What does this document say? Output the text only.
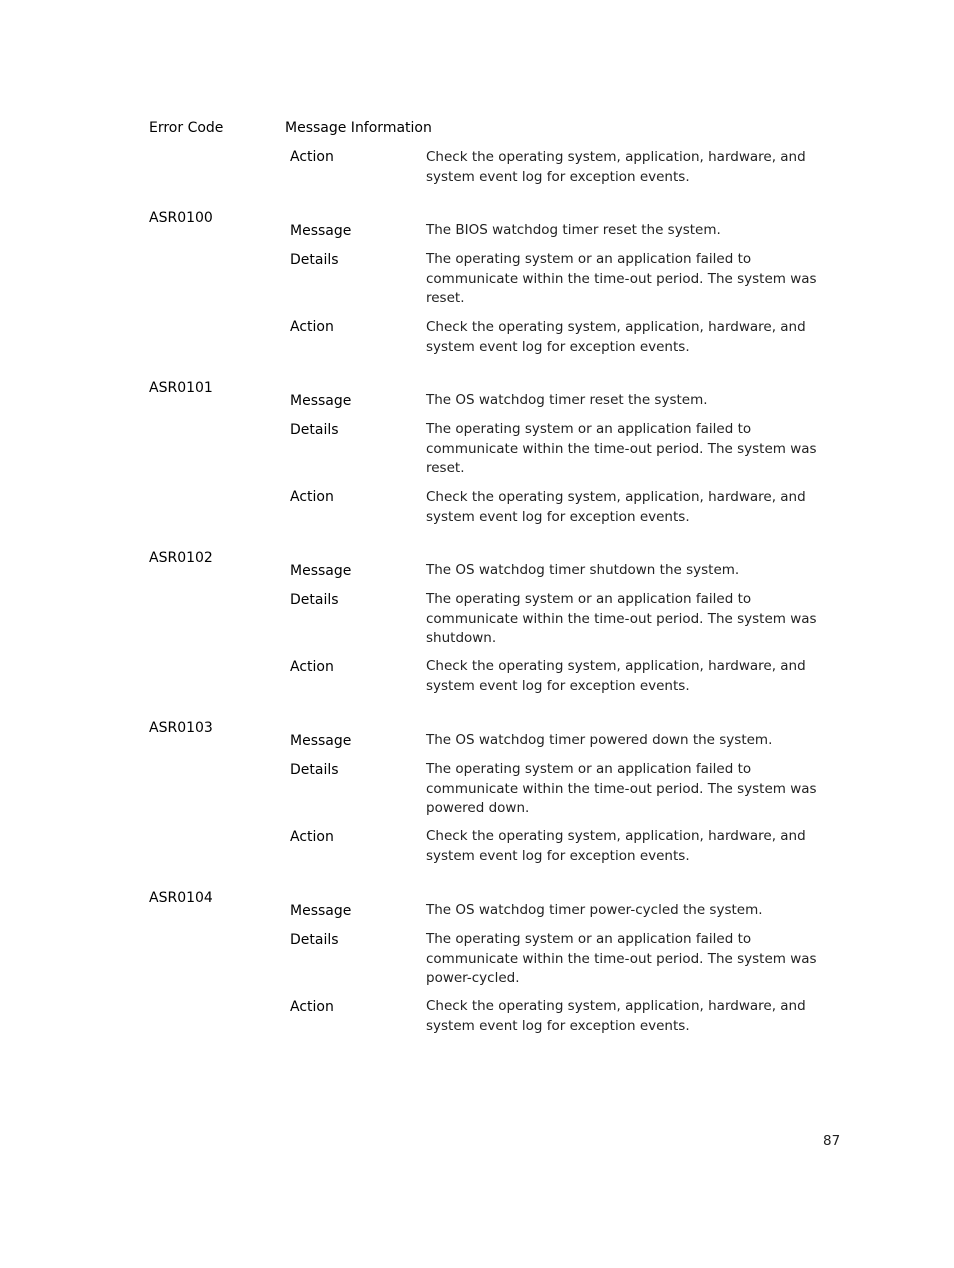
Error Code	Message Information
Action	Check the operating system, application, hardware, and system event log for exception events.
ASR0100
Message	The BIOS watchdog timer reset the system.
Details	The operating system or an application failed to communicate within the time-out period. The system was reset.
Action	Check the operating system, application, hardware, and system event log for exception events.
ASR0101
Message	The OS watchdog timer reset the system.
Details	The operating system or an application failed to communicate within the time-out period. The system was reset.
Action	Check the operating system, application, hardware, and system event log for exception events.
ASR0102
Message	The OS watchdog timer shutdown the system.
Details	The operating system or an application failed to communicate within the time-out period. The system was shutdown.
Action	Check the operating system, application, hardware, and system event log for exception events.
ASR0103
Message	The OS watchdog timer powered down the system.
Details	The operating system or an application failed to communicate within the time-out period. The system was powered down.
Action	Check the operating system, application, hardware, and system event log for exception events.
ASR0104
Message	The OS watchdog timer power-cycled the system.
Details	The operating system or an application failed to communicate within the time-out period. The system was power-cycled.
Action	Check the operating system, application, hardware, and system event log for exception events.
87
